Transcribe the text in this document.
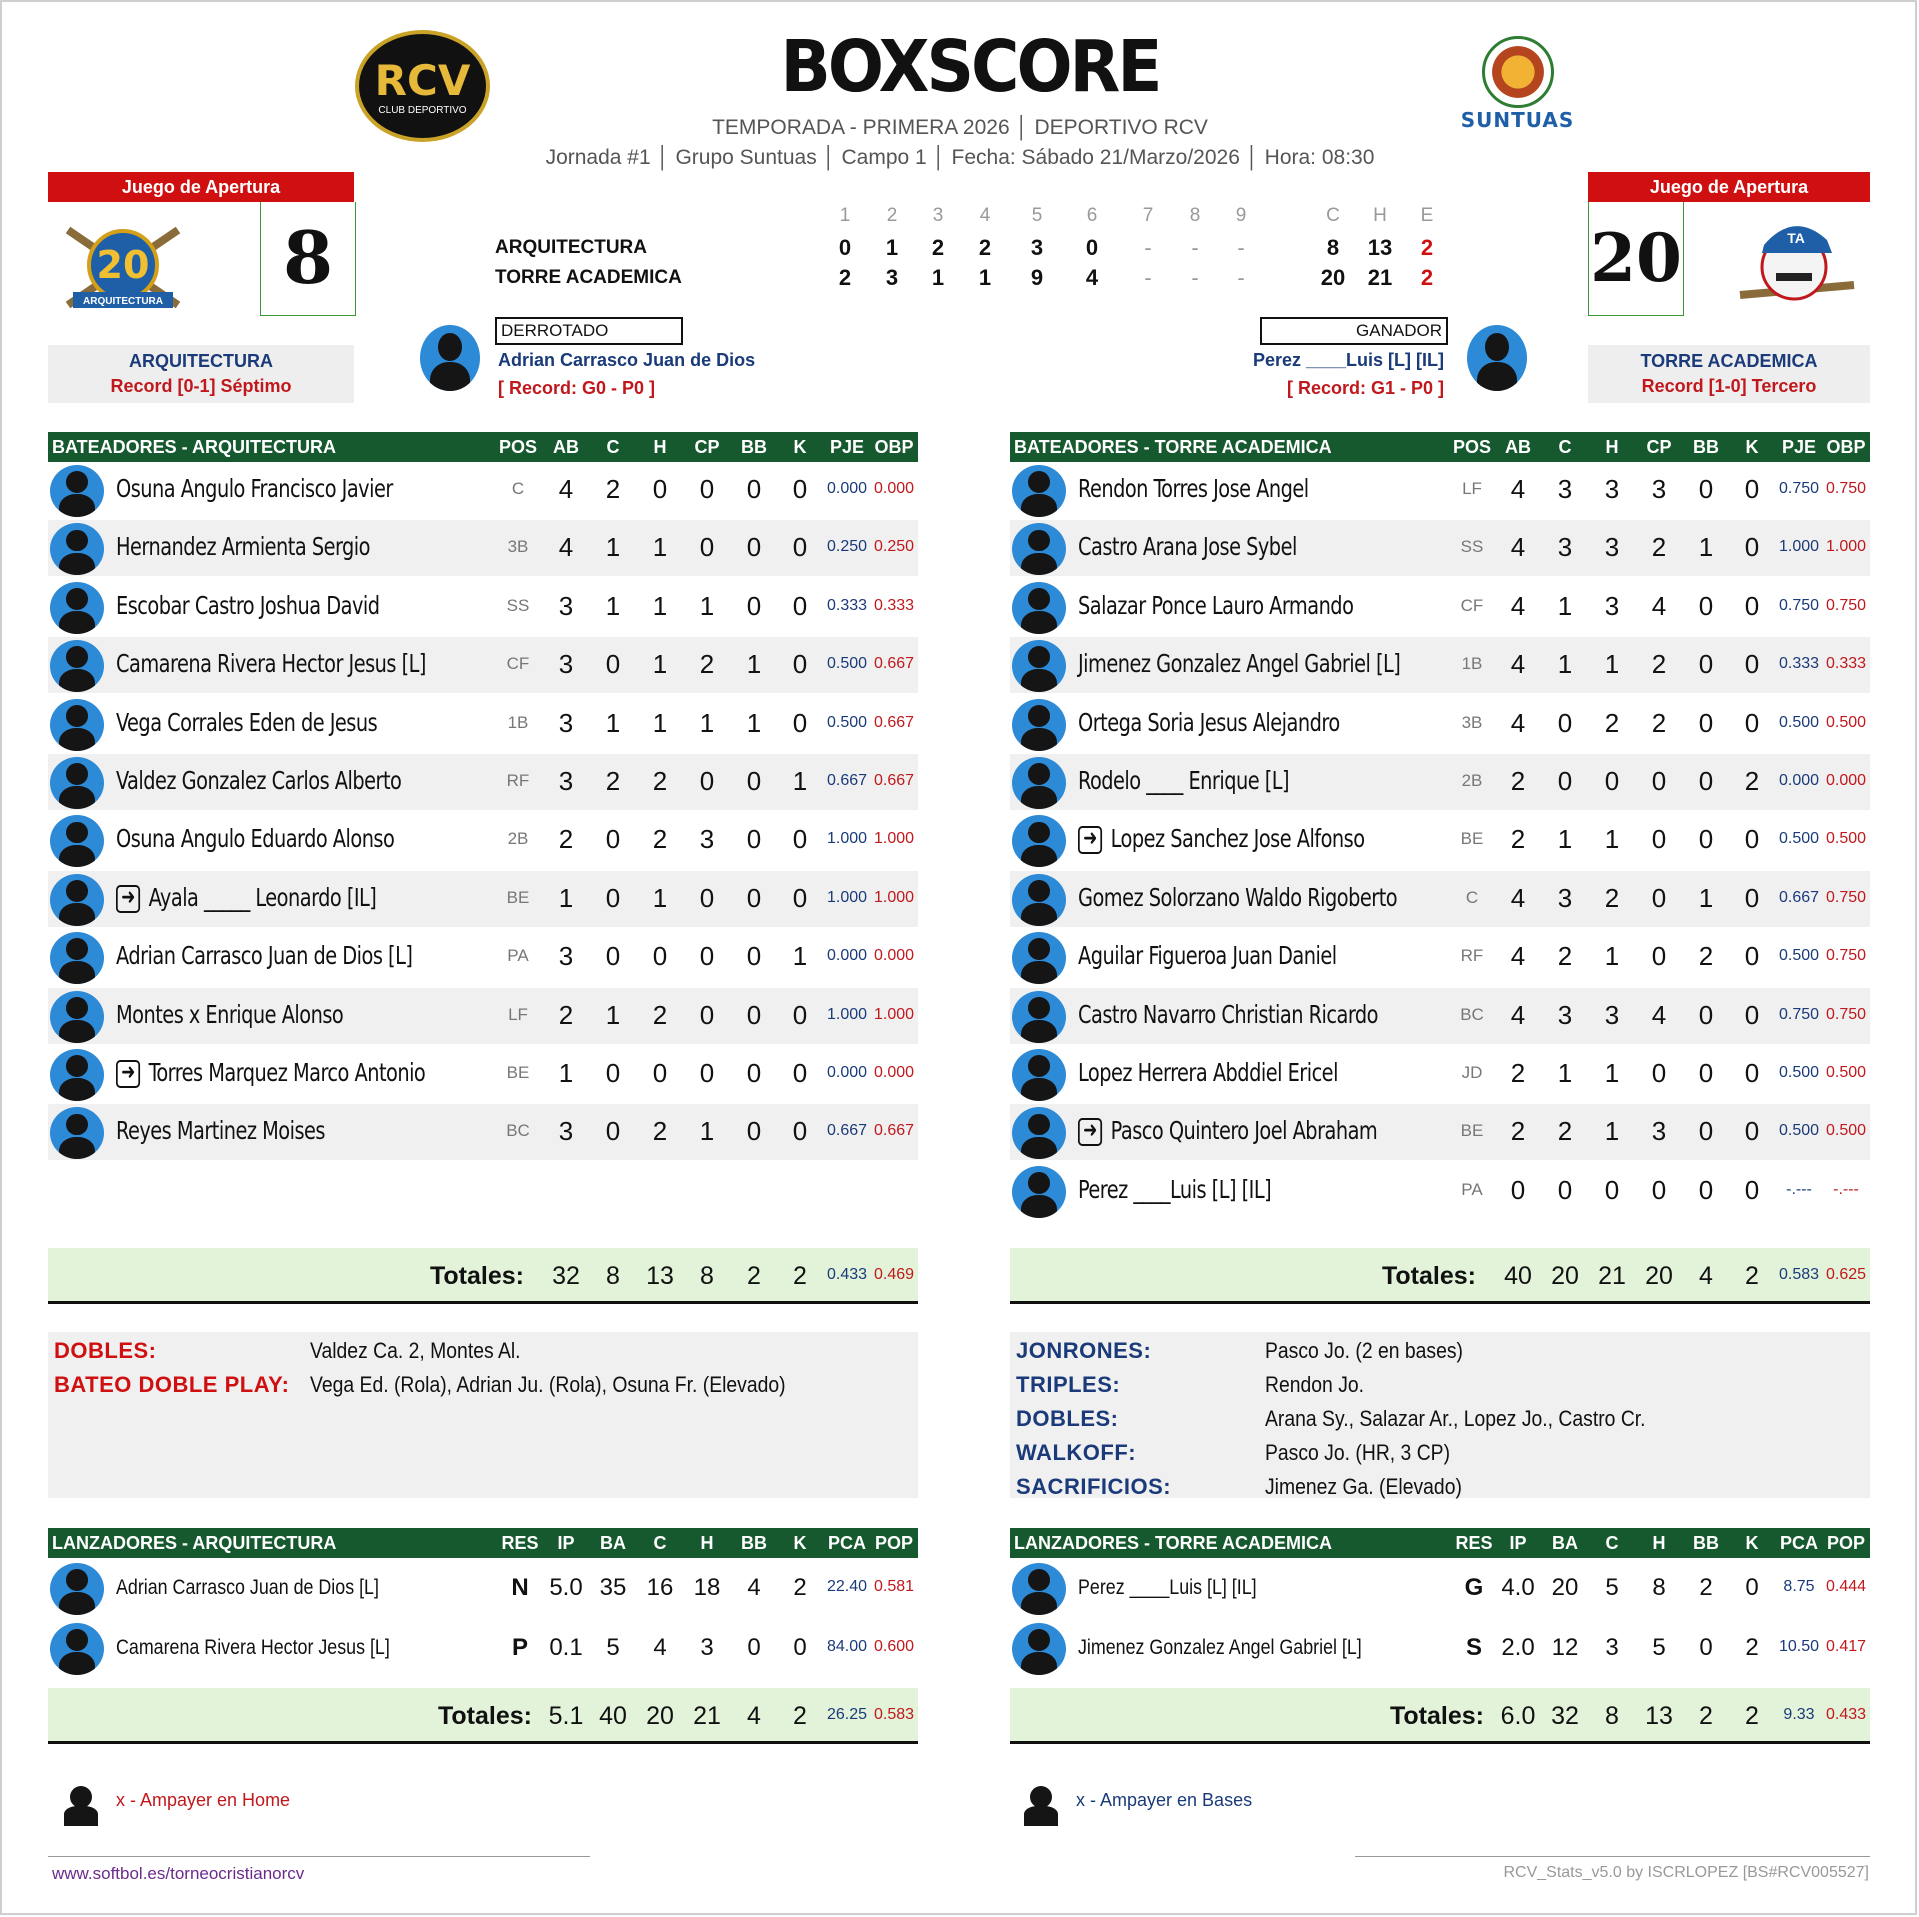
RCV
CLUB DEPORTIVO
BOXSCORE
TEMPORADA - PRIMERA 2026 │ DEPORTIVO RCV
Jornada #1 │ Grupo Suntuas │ Campo 1 │ Fecha: Sábado 21/Marzo/2026 │ Hora: 08:30
SUNTUAS
Juego de Apertura
20
ARQUITECTURA
8
ARQUITECTURA
Record [0-1] Séptimo
Juego de Apertura
20	TA
TORRE ACADEMICA
Record [1-0] Tercero
1	2	3	4	5	6	7	8	9	C	H	E
ARQUITECTURA	0	1	2	2	3	0	-	-	-	8	13	2
TORRE ACADEMICA	2	3	1	1	9	4	-	-	-	20	21	2
DERROTADO
Adrian Carrasco Juan de Dios
[ Record: G0 - P0 ]
GANADOR
Perez ____Luis [L] [IL]
[ Record: G1 - P0 ]
BATEADORES - ARQUITECTURA	POS AB	C	H	CP	BB	K	PJE OBP
Osuna Angulo Francisco Javier	C	4	2	0	0	0	0	0.000 0.000
Hernandez Armienta Sergio	3B	4	1	1	0	0	0	0.250 0.250
Escobar Castro Joshua David	SS	3	1	1	1	0	0	0.333 0.333
Camarena Rivera Hector Jesus [L]	CF	3	0	1	2	1	0	0.500 0.667
Vega Corrales Eden de Jesus	1B	3	1	1	1	1	0	0.500 0.667
Valdez Gonzalez Carlos Alberto	RF	3	2	2	0	0	1	0.667 0.667
Osuna Angulo Eduardo Alonso	2B	2	0	2	3	0	0	1.000 1.000
➜ Ayala _____ Leonardo [IL]	BE	1	0	1	0	0	0	1.000 1.000
Adrian Carrasco Juan de Dios [L]	PA	3	0	0	0	0	1	0.000 0.000
Montes x Enrique Alonso	LF	2	1	2	0	0	0	1.000 1.000
➜ Torres Marquez Marco Antonio	BE	1	0	0	0	0	0	0.000 0.000
Reyes Martinez Moises	BC	3	0	2	1	0	0	0.667 0.667
Totales: 32	8	13	8	2	2	0.433 0.469
BATEADORES - TORRE ACADEMICA	POS AB	C	H	CP	BB	K	PJE OBP
Rendon Torres Jose Angel	LF	4	3	3	3	0	0	0.750 0.750
Castro Arana Jose Sybel	SS	4	3	3	2	1	0	1.000 1.000
Salazar Ponce Lauro Armando	CF	4	1	3	4	0	0	0.750 0.750
Jimenez Gonzalez Angel Gabriel [L]	1B	4	1	1	2	0	0	0.333 0.333
Ortega Soria Jesus Alejandro	3B	4	0	2	2	0	0	0.500 0.500
Rodelo ____ Enrique [L]	2B	2	0	0	0	0	2	0.000 0.000
➜ Lopez Sanchez Jose Alfonso	BE	2	1	1	0	0	0	0.500 0.500
Gomez Solorzano Waldo Rigoberto	C	4	3	2	0	1	0	0.667 0.750
Aguilar Figueroa Juan Daniel	RF	4	2	1	0	2	0	0.500 0.750
Castro Navarro Christian Ricardo	BC	4	3	3	4	0	0	0.750 0.750
Lopez Herrera Abddiel Ericel	JD	2	1	1	0	0	0	0.500 0.500
➜ Pasco Quintero Joel Abraham	BE	2	2	1	3	0	0	0.500 0.500
Perez ____Luis [L] [IL]	PA	0	0	0	0	0	0	-.---	-.---
Totales: 40 20 21 20	4	2	0.583 0.625
DOBLES:	Valdez Ca. 2, Montes Al.
BATEO DOBLE PLAY: Vega Ed. (Rola), Adrian Ju. (Rola), Osuna Fr. (Elevado)
JONRONES:	Pasco Jo. (2 en bases)
TRIPLES:	Rendon Jo.
DOBLES:	Arana Sy., Salazar Ar., Lopez Jo., Castro Cr.
WALKOFF:	Pasco Jo. (HR, 3 CP)
SACRIFICIOS:	Jimenez Ga. (Elevado)
LANZADORES - ARQUITECTURA	RES	IP	BA	C	H	BB	K	PCA POP
Adrian Carrasco Juan de Dios [L]	N 5.0 35 16 18	4	2	22.40 0.581
Camarena Rivera Hector Jesus [L]	P 0.1 5	4	3	0	0	84.00 0.600
Totales: 5.1 40 20 21	4	2	26.25 0.583
LANZADORES - TORRE ACADEMICA	RES IP	BA	C	H	BB	K	PCA POP
Perez ____Luis [L] [IL]	G 4.0 20	5	8	2	0	8.75 0.444
Jimenez Gonzalez Angel Gabriel [L]	S 2.0 12	3	5	0	2	10.50 0.417
Totales: 6.0 32	8	13	2	2	9.33 0.433
x - Ampayer en Home	x - Ampayer en Bases
www.softbol.es/torneocristianorcv	RCV_Stats_v5.0 by ISCRLOPEZ [BS#RCV005527]
